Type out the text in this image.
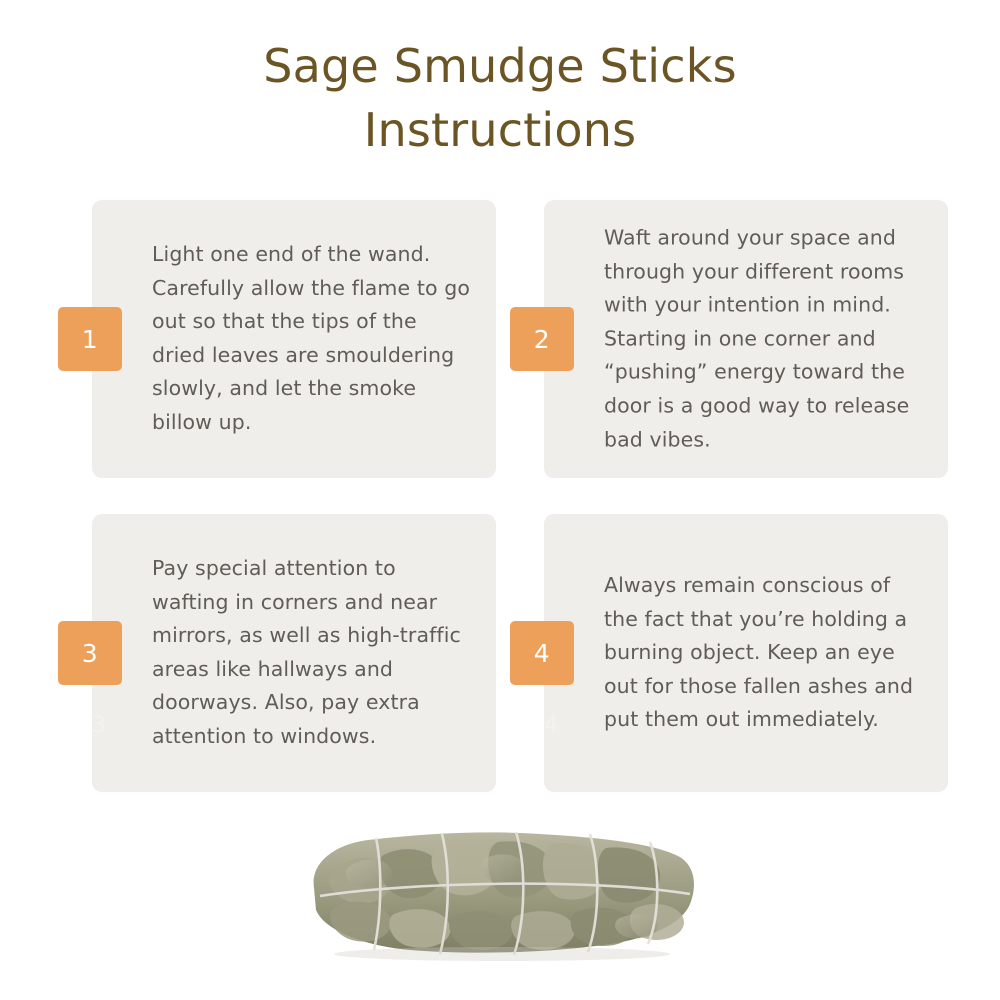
Sage Smudge Sticks
Instructions
1
Light one end of the wand. Carefully allow the flame to go out so that the tips of the dried leaves are smouldering slowly, and let the smoke billow up.
2
Waft around your space and through your different rooms with your intention in mind. Starting in one corner and “pushing” energy toward the door is a good way to release bad vibes.
3
Pay special attention to wafting in corners and near mirrors, as well as high-traffic areas like hallways and doorways. Also, pay extra attention to windows.
3
4
Always remain conscious of the fact that you’re holding a burning object. Keep an eye out for those fallen ashes and put them out immediately.
4
